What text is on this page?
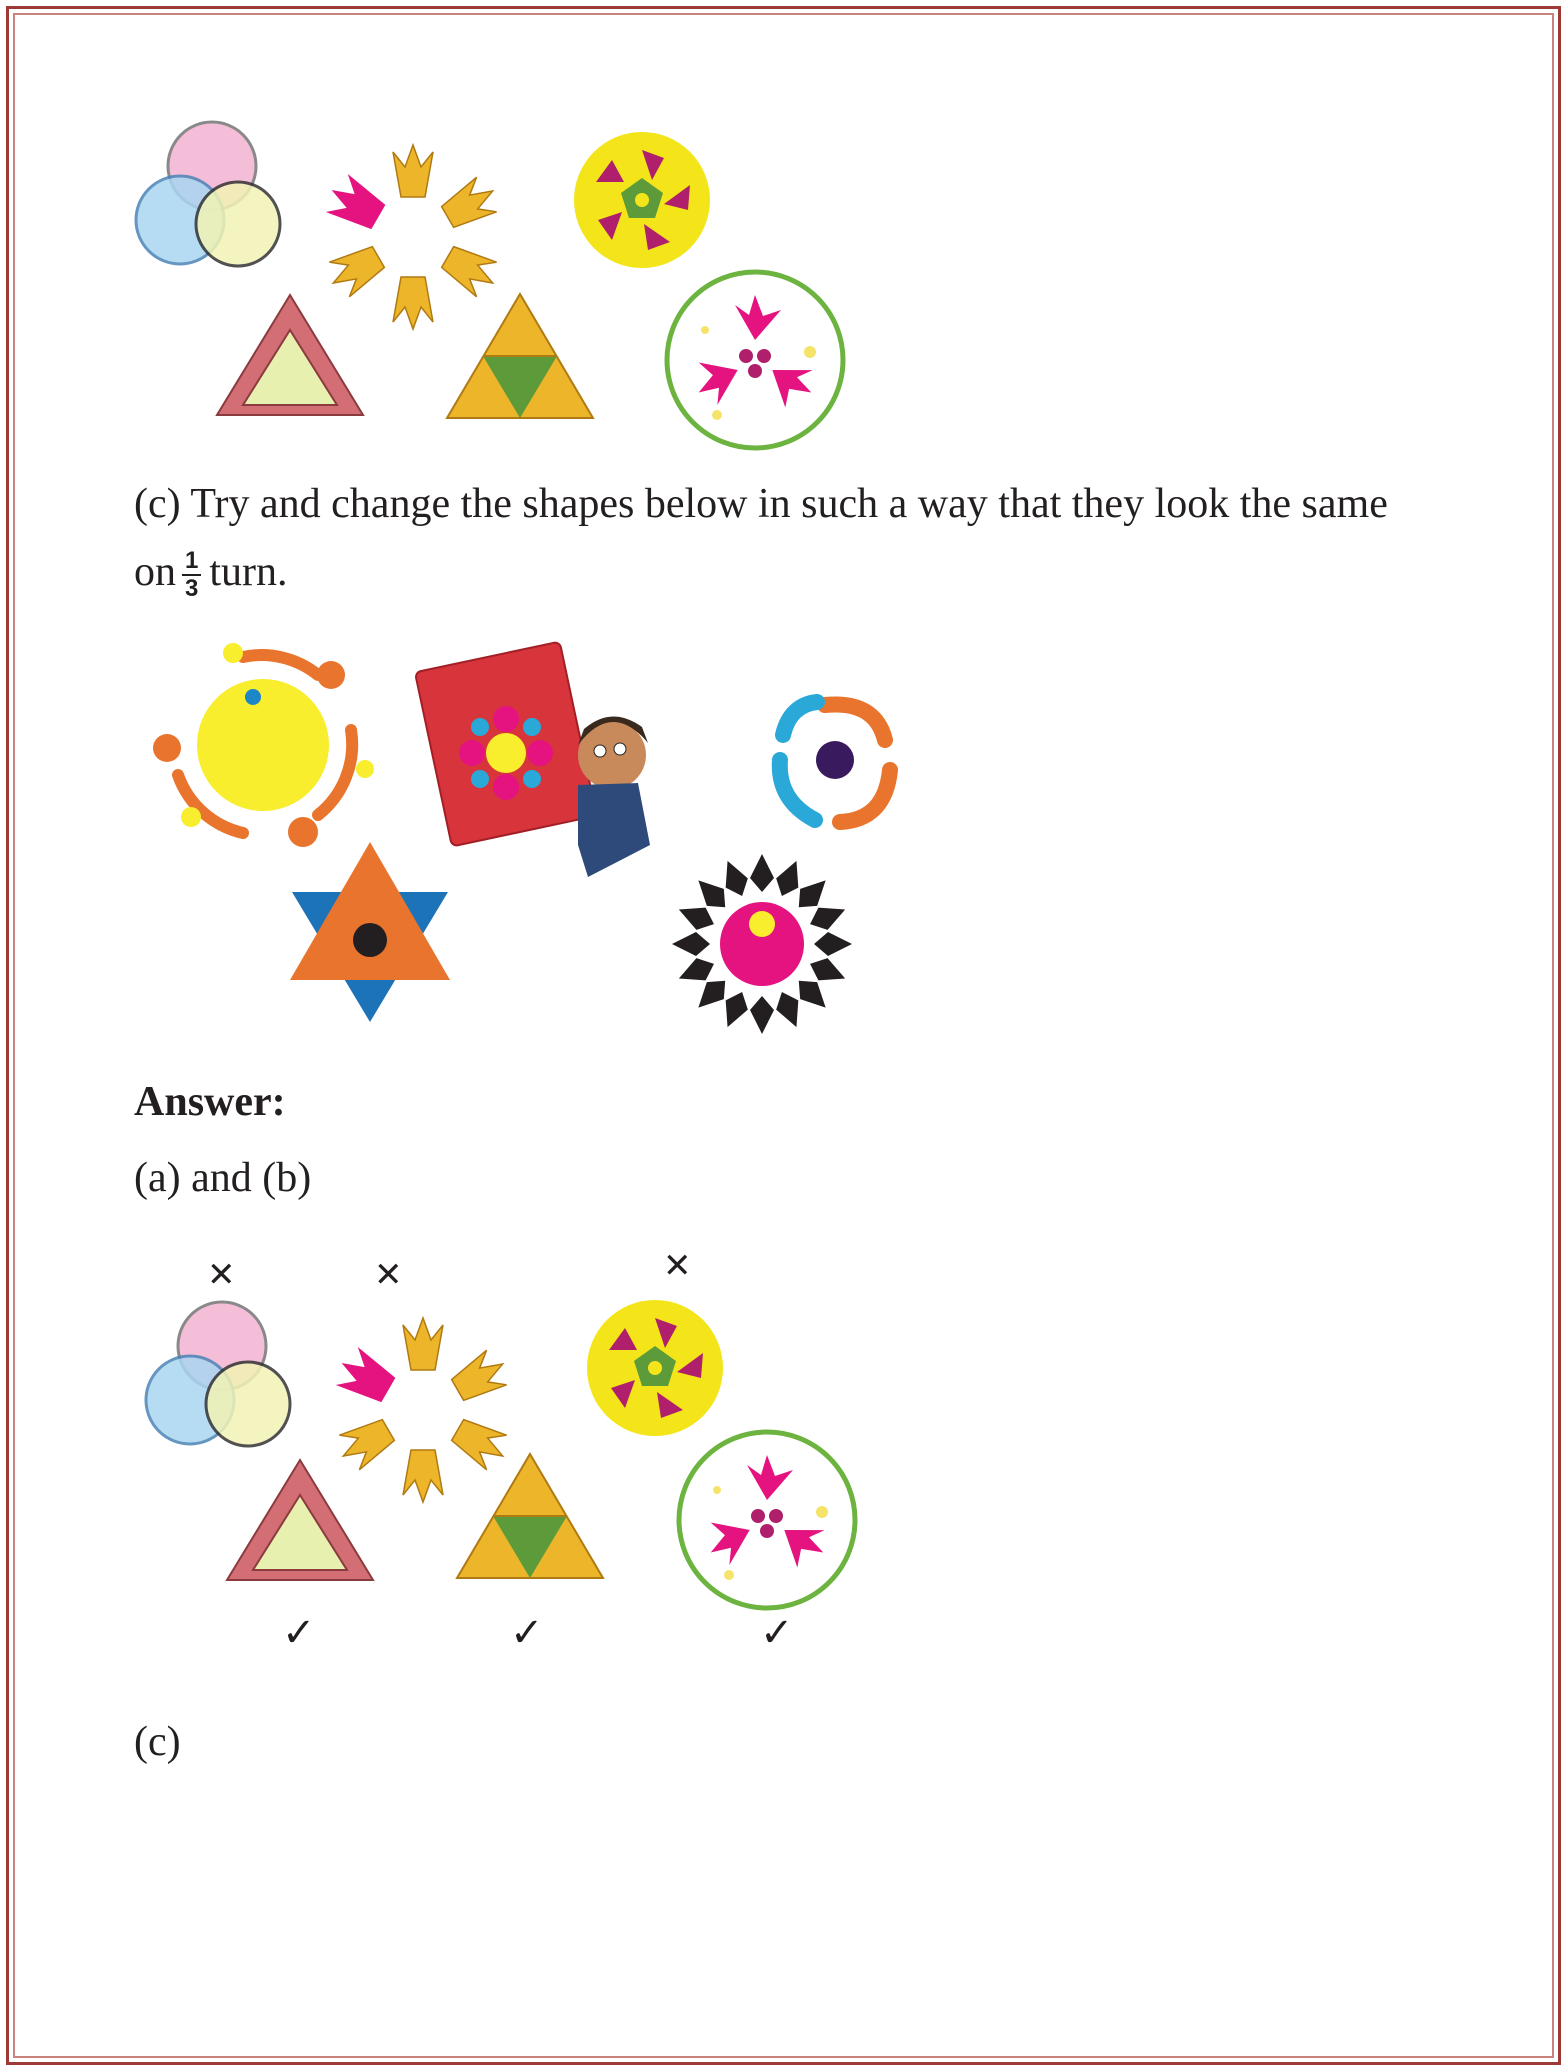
(c) Try and change the shapes below in such a way that they look the same
on $\frac{1}{3}$ turn.
Answer:
(a) and (b)
✕	✕	✕
✓	✓	✓
(c)
